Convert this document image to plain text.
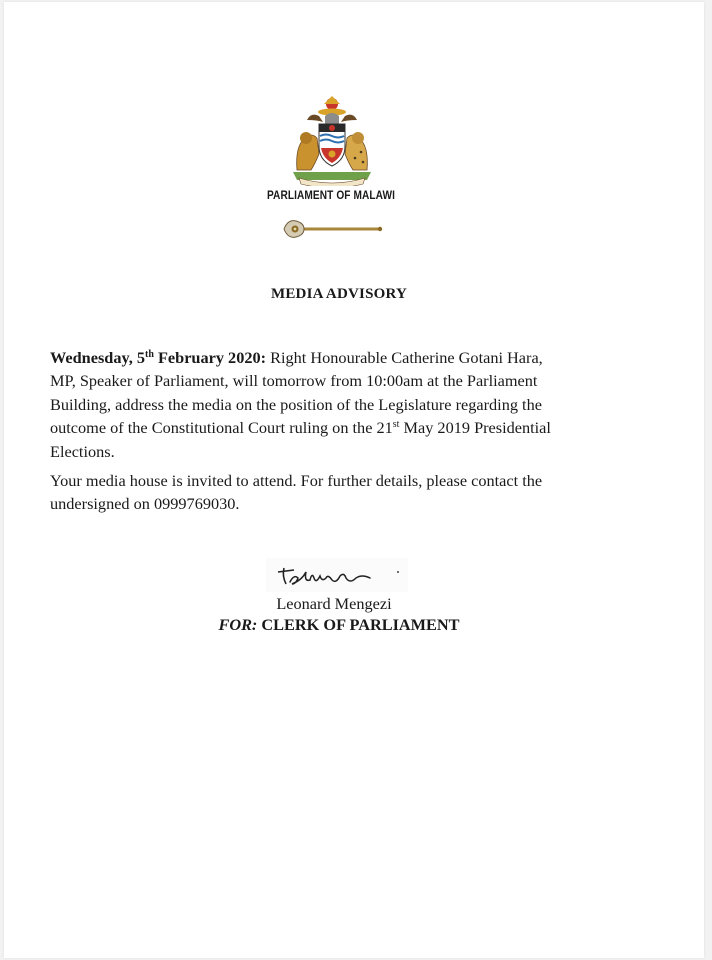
PARLIAMENT OF MALAWI
MEDIA ADVISORY

Wednesday, 5th February 2020: Right Honourable Catherine Gotani Hara,
MP, Speaker of Parliament, will tomorrow from 10:00am at the Parliament
Building, address the media on the position of the Legislature regarding the
outcome of the Constitutional Court ruling on the 21st May 2019 Presidential
Elections.

Your media house is invited to attend. For further details, please contact the
undersigned on 0999769030.

Leonard Mengezi
FOR: CLERK OF PARLIAMENT
